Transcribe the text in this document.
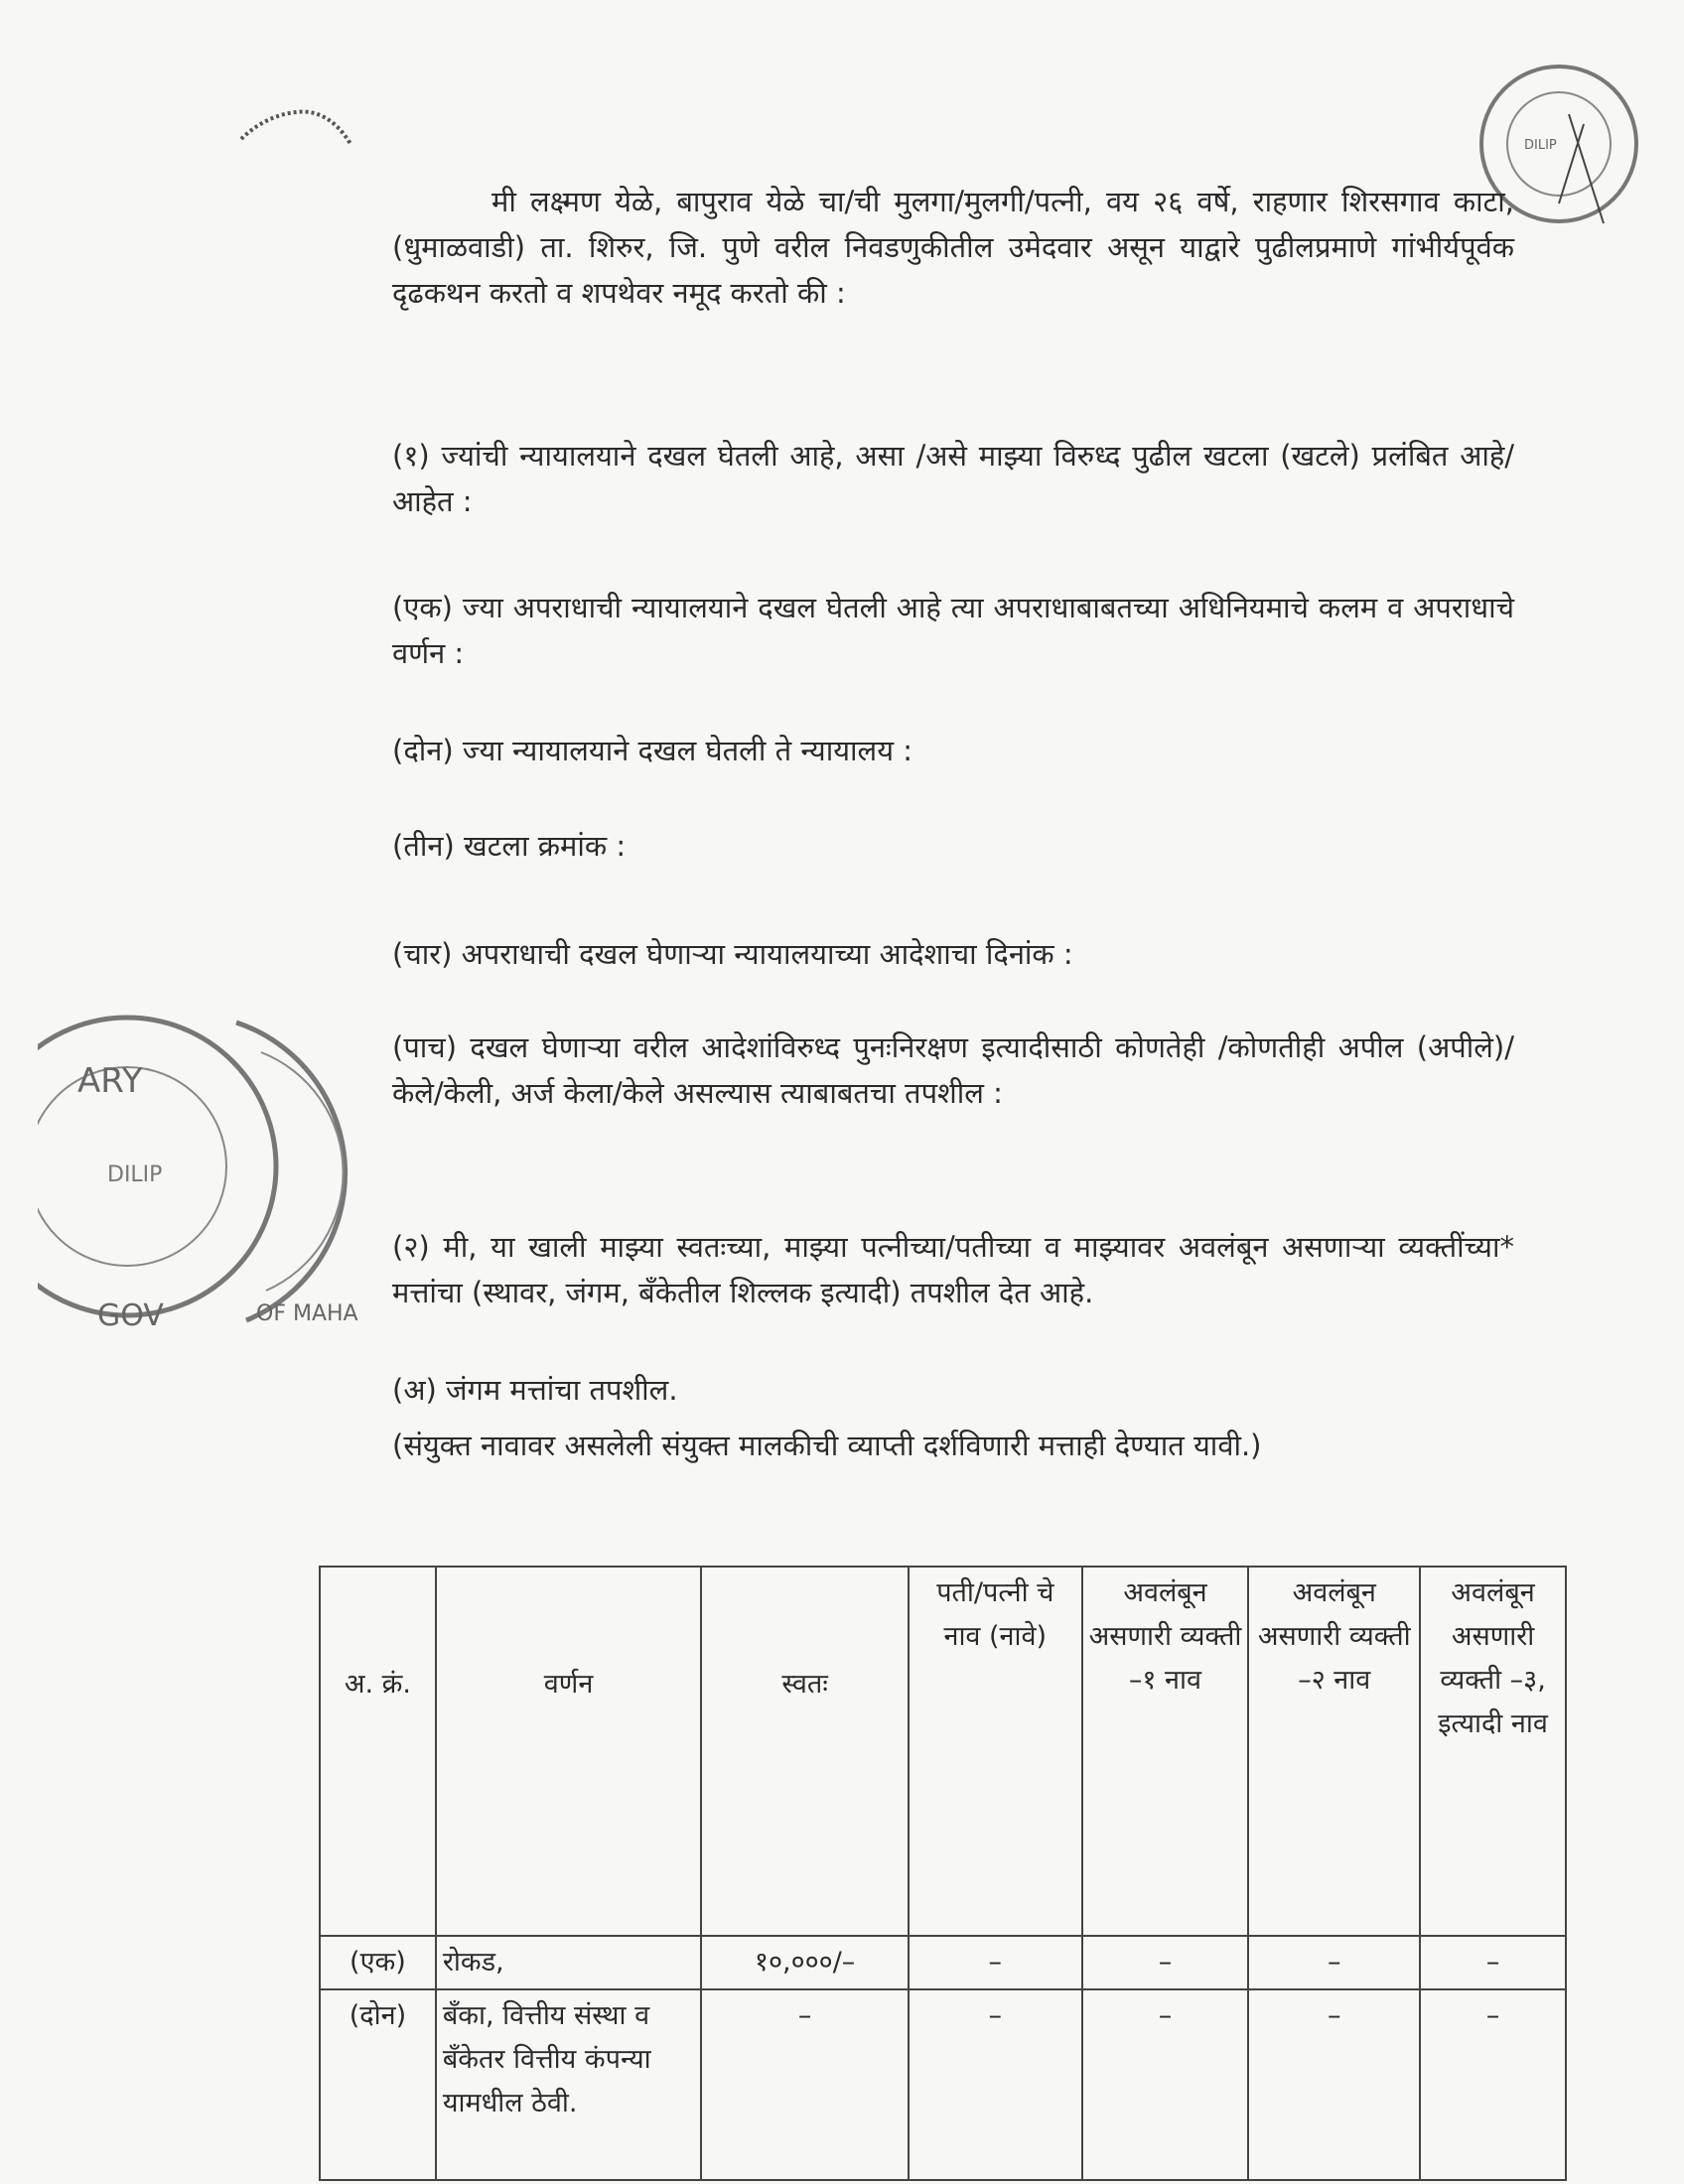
DILIP
ARY
DILIP
GOV	OF MAHA
मी लक्ष्मण येळे, बापुराव येळे चा/ची मुलगा/मुलगी/पत्नी, वय २६ वर्षे, राहणार शिरसगाव काटा, (धुमाळवाडी) ता. शिरुर, जि. पुणे वरील निवडणुकीतील उमेदवार असून याद्वारे पुढीलप्रमाणे गांभीर्यपूर्वक दृढकथन करतो व शपथेवर नमूद करतो की :
(१) ज्यांची न्यायालयाने दखल घेतली आहे, असा /असे माझ्या विरुध्द पुढील खटला (खटले) प्रलंबित आहे/आहेत :
(एक) ज्या अपराधाची न्यायालयाने दखल घेतली आहे त्या अपराधाबाबतच्या अधिनियमाचे कलम व अपराधाचे वर्णन :
(दोन) ज्या न्यायालयाने दखल घेतली ते न्यायालय :
(तीन) खटला क्रमांक :
(चार) अपराधाची दखल घेणाऱ्या न्यायालयाच्या आदेशाचा दिनांक :
(पाच) दखल घेणाऱ्या वरील आदेशांविरुध्द पुनःनिरक्षण इत्यादीसाठी कोणतेही /कोणतीही अपील (अपीले)/केले/केली, अर्ज केला/केले असल्यास त्याबाबतचा तपशील :
(२) मी, या खाली माझ्या स्वतःच्या, माझ्या पत्नीच्या/पतीच्या व माझ्यावर अवलंबून असणाऱ्या व्यक्तींच्या* मत्तांचा (स्थावर, जंगम, बँकेतील शिल्लक इत्यादी) तपशील देत आहे.
(अ) जंगम मत्तांचा तपशील.
(संयुक्त नावावर असलेली संयुक्त मालकीची व्याप्ती दर्शविणारी मत्ताही देण्यात यावी.)
अ. क्रं.	वर्णन	स्वतः	पती/पत्नी चे नाव (नावे)	अवलंबून असणारी व्यक्ती –१ नाव	अवलंबून असणारी व्यक्ती –२ नाव	अवलंबून असणारी व्यक्ती –३, इत्यादी नाव
(एक)	रोकड,	१०,०००/–	–	–	–	–
(दोन)	बँका, वित्तीय संस्था व बँकेतर वित्तीय कंपन्या यामधील ठेवी.	–	–	–	–	–
